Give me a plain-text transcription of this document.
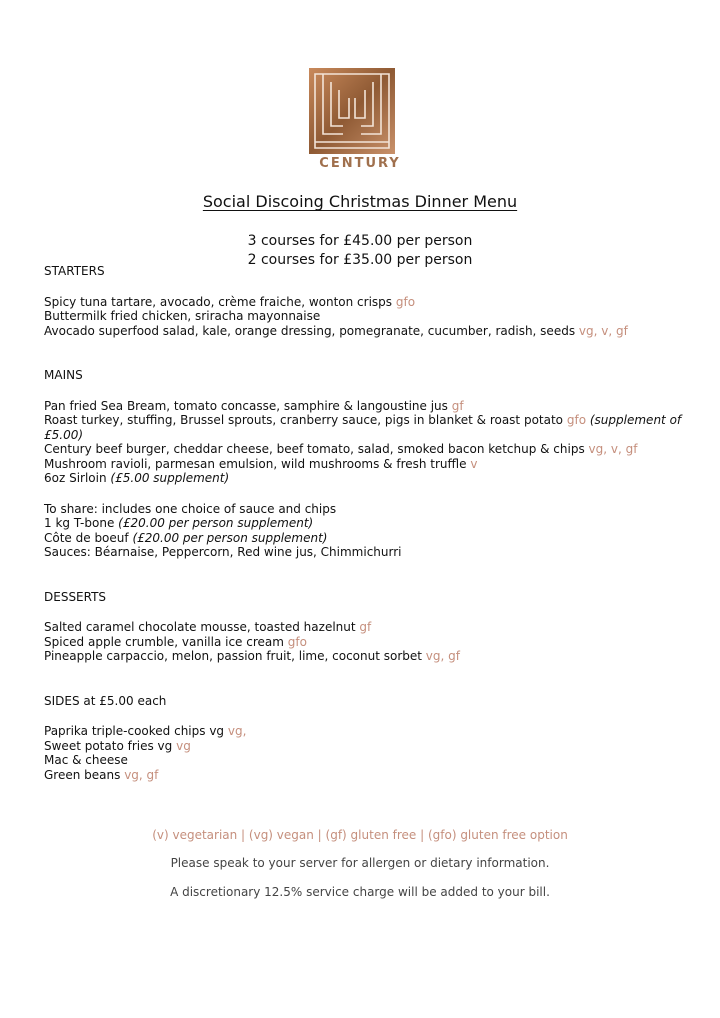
CENTURY
Social Discoing Christmas Dinner Menu
3 courses for £45.00 per person
2 courses for £35.00 per person
STARTERS
Spicy tuna tartare, avocado, crème fraiche, wonton crisps gfo
Buttermilk fried chicken, sriracha mayonnaise
Avocado superfood salad, kale, orange dressing, pomegranate, cucumber, radish, seeds vg, v, gf
MAINS
Pan fried Sea Bream, tomato concasse, samphire & langoustine jus gf
Roast turkey, stuffing, Brussel sprouts, cranberry sauce, pigs in blanket & roast potato gfo (supplement of £5.00)
Century beef burger, cheddar cheese, beef tomato, salad, smoked bacon ketchup & chips vg, v, gf
Mushroom ravioli, parmesan emulsion, wild mushrooms & fresh truffle v
6oz Sirloin (£5.00 supplement)
To share: includes one choice of sauce and chips
1 kg T-bone (£20.00 per person supplement)
Côte de boeuf (£20.00 per person supplement)
Sauces: Béarnaise, Peppercorn, Red wine jus, Chimmichurri
DESSERTS
Salted caramel chocolate mousse, toasted hazelnut gf
Spiced apple crumble, vanilla ice cream gfo
Pineapple carpaccio, melon, passion fruit, lime, coconut sorbet vg, gf
SIDES at £5.00 each
Paprika triple-cooked chips vg vg,
Sweet potato fries vg vg
Mac & cheese
Green beans vg, gf
(v) vegetarian | (vg) vegan | (gf) gluten free | (gfo) gluten free option
Please speak to your server for allergen or dietary information.
A discretionary 12.5% service charge will be added to your bill.
